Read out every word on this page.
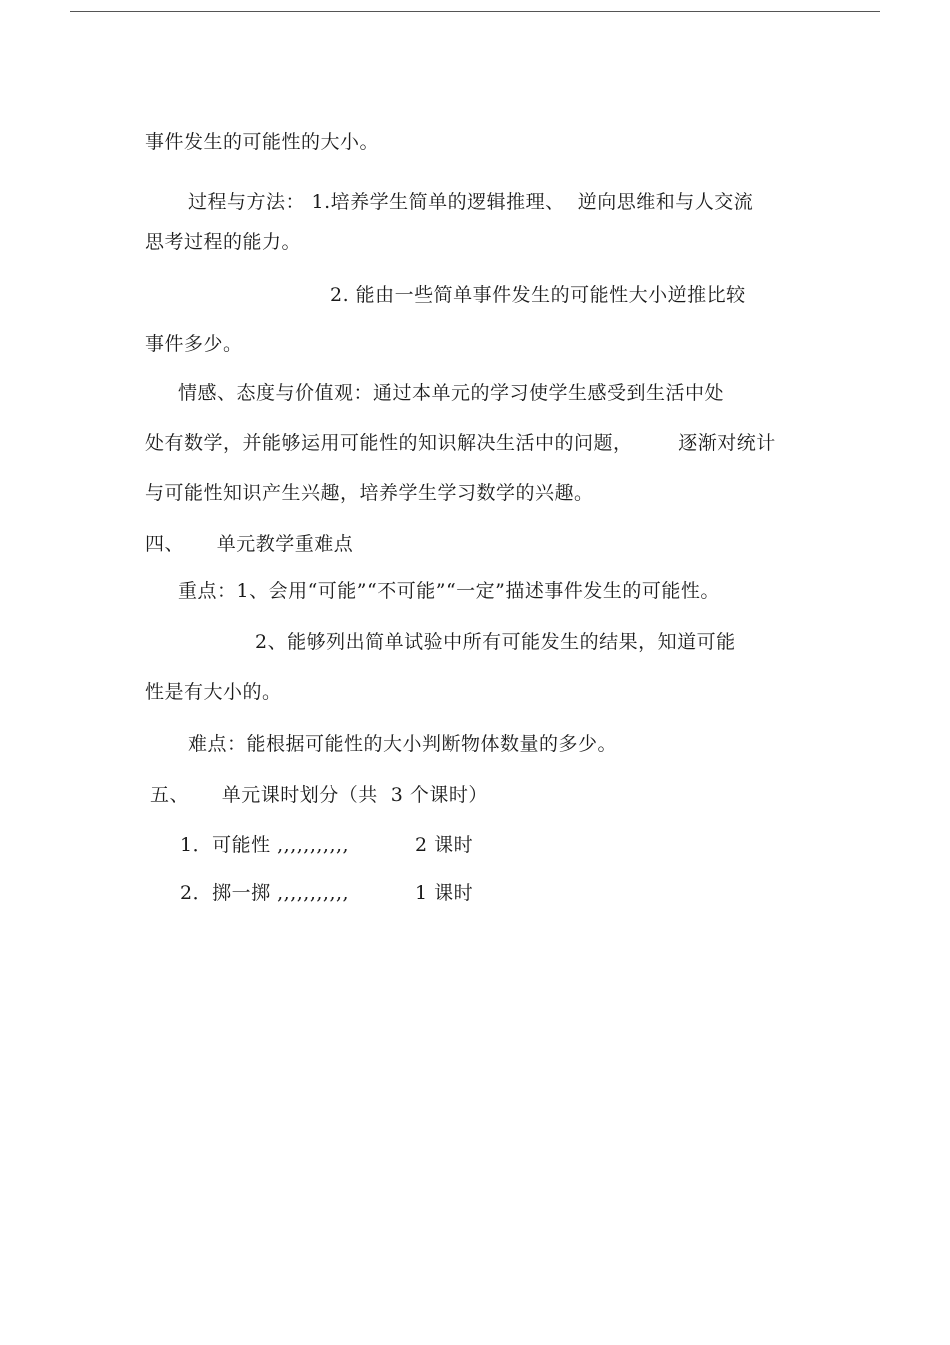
事件发生的可能性的大小。
过程与方法： 1.培养学生简单的逻辑推理、  逆向思维和与人交流
思考过程的能力。
2. 能由一些简单事件发生的可能性大小逆推比较
事件多少。
情感、态度与价值观：通过本单元的学习使学生感受到生活中处
处有数学，并能够运用可能性的知识解决生活中的问题，       逐渐对统计
与可能性知识产生兴趣，培养学生学习数学的兴趣。
四、     单元教学重难点
重点：1、会用“可能”“不可能”“一定”描述事件发生的可能性。
2、能够列出简单试验中所有可能发生的结果，知道可能
性是有大小的。
难点：能根据可能性的大小判断物体数量的多少。
五、     单元课时划分（共  3 个课时）
1．可能性 ,,,,,,,,,,,	2 课时
2．掷一掷 ,,,,,,,,,,,	1 课时
